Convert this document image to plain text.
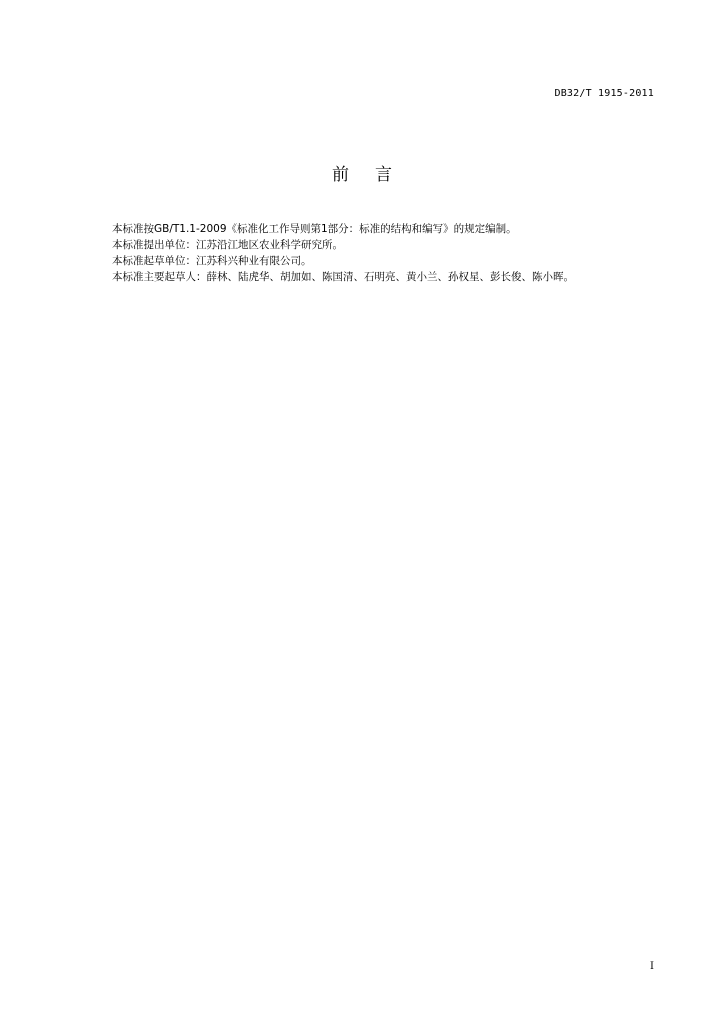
DB32/T 1915-2011
前 言
本标准按GB/T1.1-2009《标准化工作导则第1部分：标准的结构和编写》的规定编制。
本标准提出单位：江苏沿江地区农业科学研究所。
本标准起草单位：江苏科兴种业有限公司。
本标准主要起草人：薛林、陆虎华、胡加如、陈国清、石明亮、黄小兰、孙权星、彭长俊、陈小晖。
I
